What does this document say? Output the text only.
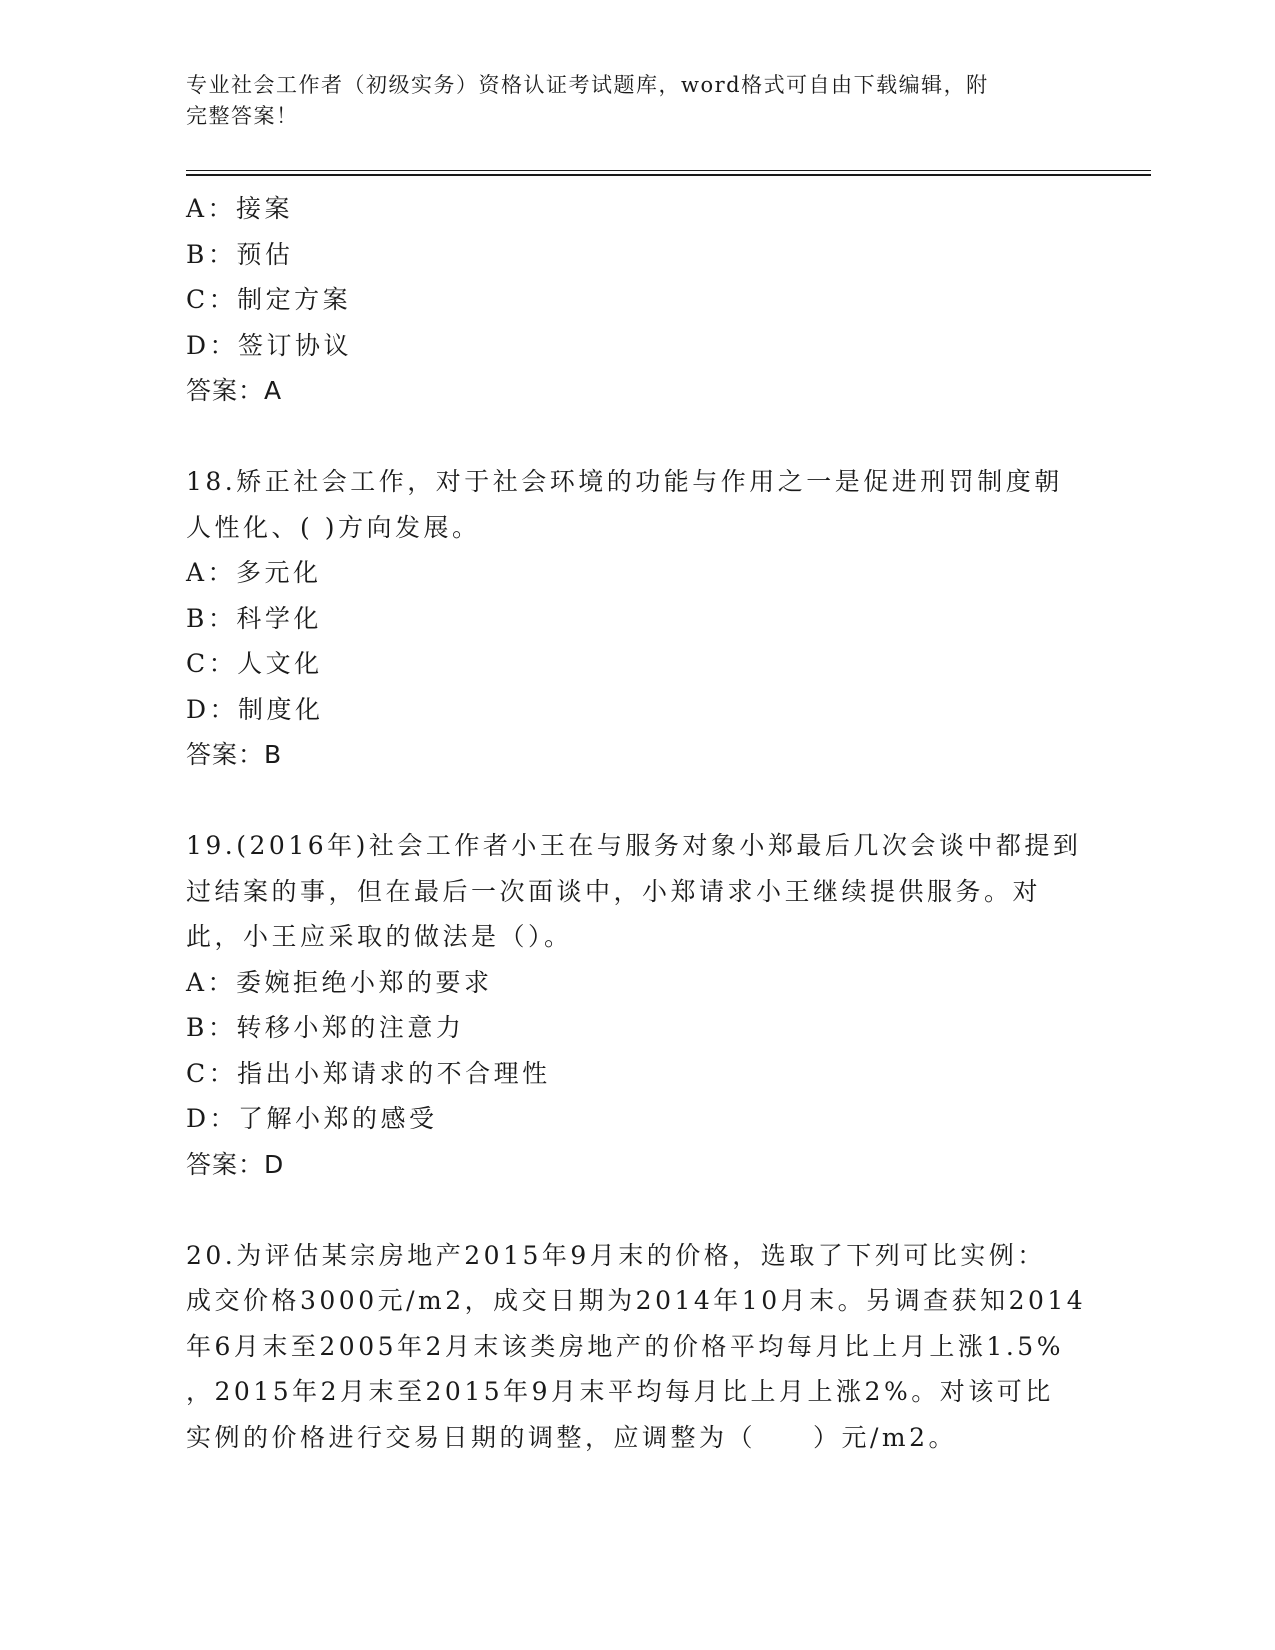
专业社会工作者（初级实务）资格认证考试题库，word格式可自由下载编辑，附
完整答案！
A：接案
B：预估
C：制定方案
D：签订协议
答案：A
18.矫正社会工作，对于社会环境的功能与作用之一是促进刑罚制度朝
人性化、( )方向发展。
A：多元化
B：科学化
C：人文化
D：制度化
答案：B
19.(2016年)社会工作者小王在与服务对象小郑最后几次会谈中都提到
过结案的事，但在最后一次面谈中，小郑请求小王继续提供服务。对
此，小王应采取的做法是（）。
A：委婉拒绝小郑的要求
B：转移小郑的注意力
C：指出小郑请求的不合理性
D：了解小郑的感受
答案：D
20.为评估某宗房地产2015年9月末的价格，选取了下列可比实例：
成交价格3000元/m2，成交日期为2014年10月末。另调查获知2014
年6月末至2005年2月末该类房地产的价格平均每月比上月上涨1.5%
，2015年2月末至2015年9月末平均每月比上月上涨2%。对该可比
实例的价格进行交易日期的调整，应调整为（　　）元/m2。
